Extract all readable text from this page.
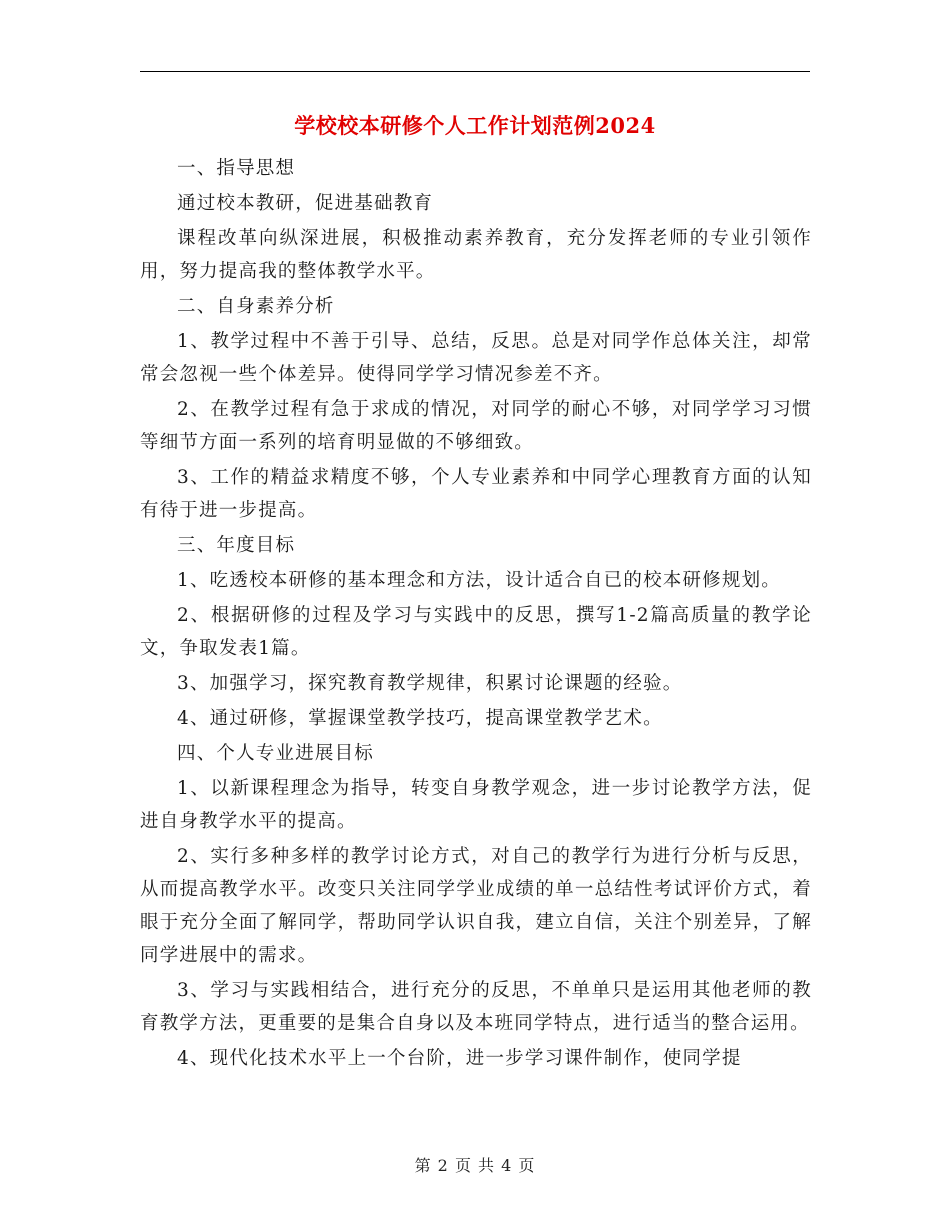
学校校本研修个人工作计划范例2024

一、指导思想

通过校本教研，促进基础教育

课程改革向纵深进展，积极推动素养教育，充分发挥老师的专业引领作用，努力提高我的整体教学水平。

二、自身素养分析

1、教学过程中不善于引导、总结，反思。总是对同学作总体关注，却常常会忽视一些个体差异。使得同学学习情况参差不齐。

2、在教学过程有急于求成的情况，对同学的耐心不够，对同学学习习惯等细节方面一系列的培育明显做的不够细致。

3、工作的精益求精度不够，个人专业素养和中同学心理教育方面的认知有待于进一步提高。

三、年度目标

1、吃透校本研修的基本理念和方法，设计适合自已的校本研修规划。

2、根据研修的过程及学习与实践中的反思，撰写1-2篇高质量的教学论文，争取发表1篇。

3、加强学习，探究教育教学规律，积累讨论课题的经验。

4、通过研修，掌握课堂教学技巧，提高课堂教学艺术。

四、个人专业进展目标

1、以新课程理念为指导，转变自身教学观念，进一步讨论教学方法，促进自身教学水平的提高。

2、实行多种多样的教学讨论方式，对自己的教学行为进行分析与反思，从而提高教学水平。改变只关注同学学业成绩的单一总结性考试评价方式，着眼于充分全面了解同学，帮助同学认识自我，建立自信，关注个别差异，了解同学进展中的需求。

3、学习与实践相结合，进行充分的反思，不单单只是运用其他老师的教育教学方法，更重要的是集合自身以及本班同学特点，进行适当的整合运用。

4、现代化技术水平上一个台阶，进一步学习课件制作，使同学提

第 2 页 共 4 页
